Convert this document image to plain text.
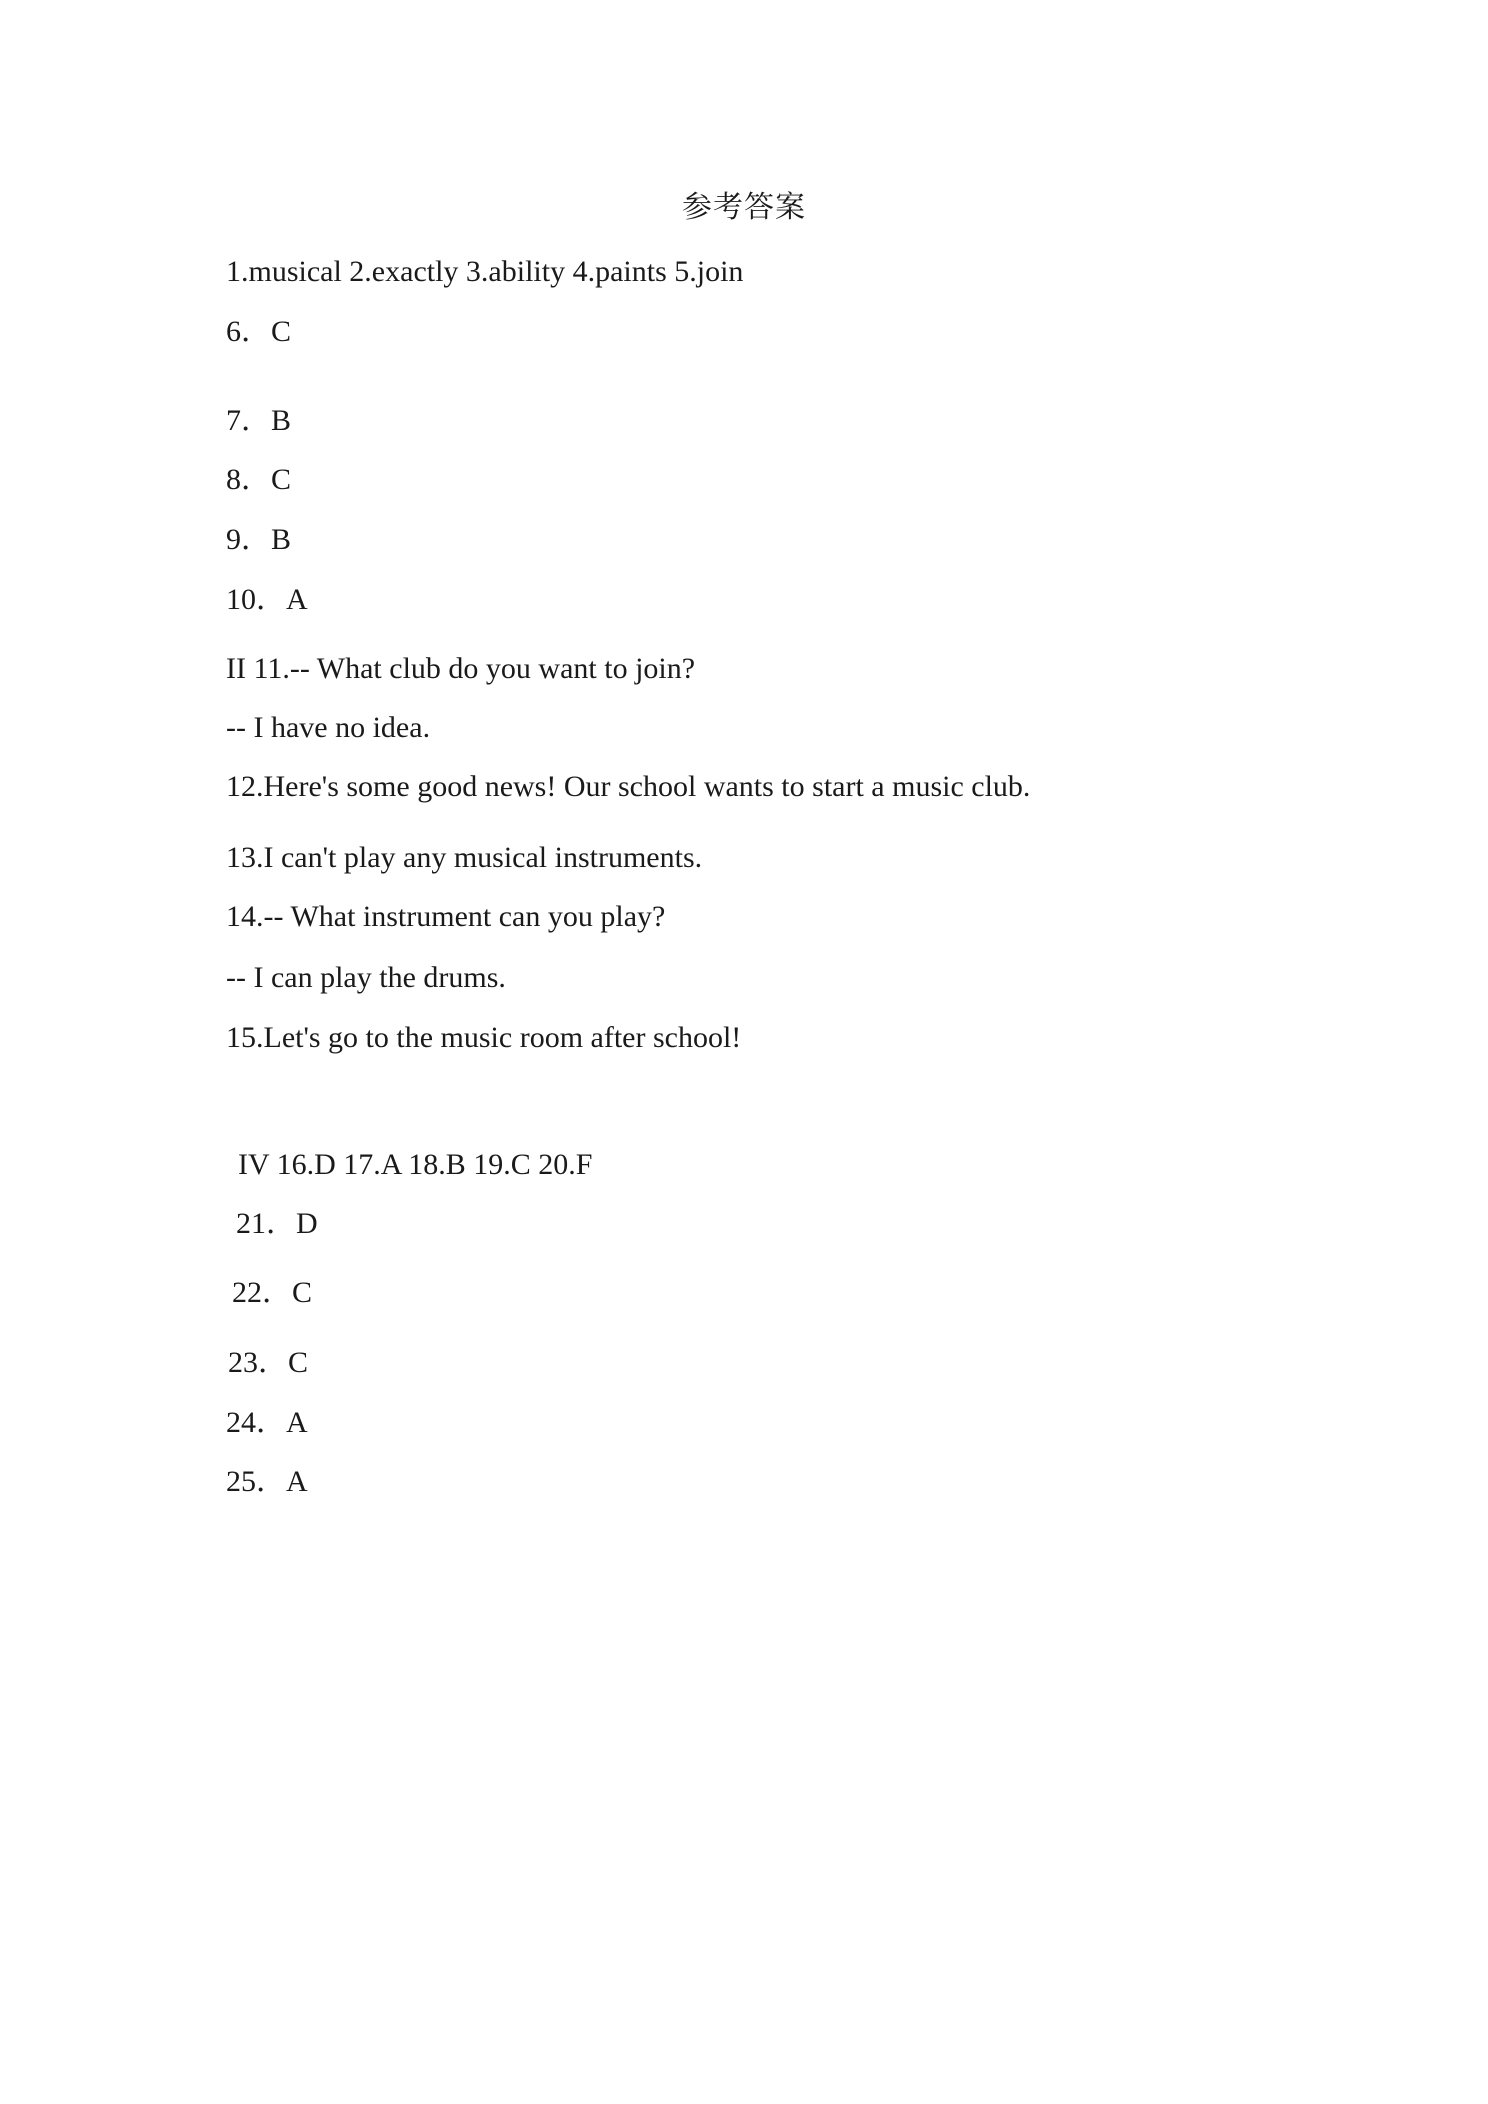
参考答案
1.musical 2.exactly 3.ability 4.paints 5.join
6．C
7．B
8．C
9．B
10．A
II 11.-- What club do you want to join?
-- I have no idea.
12.Here's some good news! Our school wants to start a music club.
13.I can't play any musical instruments.
14.-- What instrument can you play?
-- I can play the drums.
15.Let's go to the music room after school!
IV 16.D 17.A 18.B 19.C 20.F
21．D
22．C
23．C
24．A
25．A
